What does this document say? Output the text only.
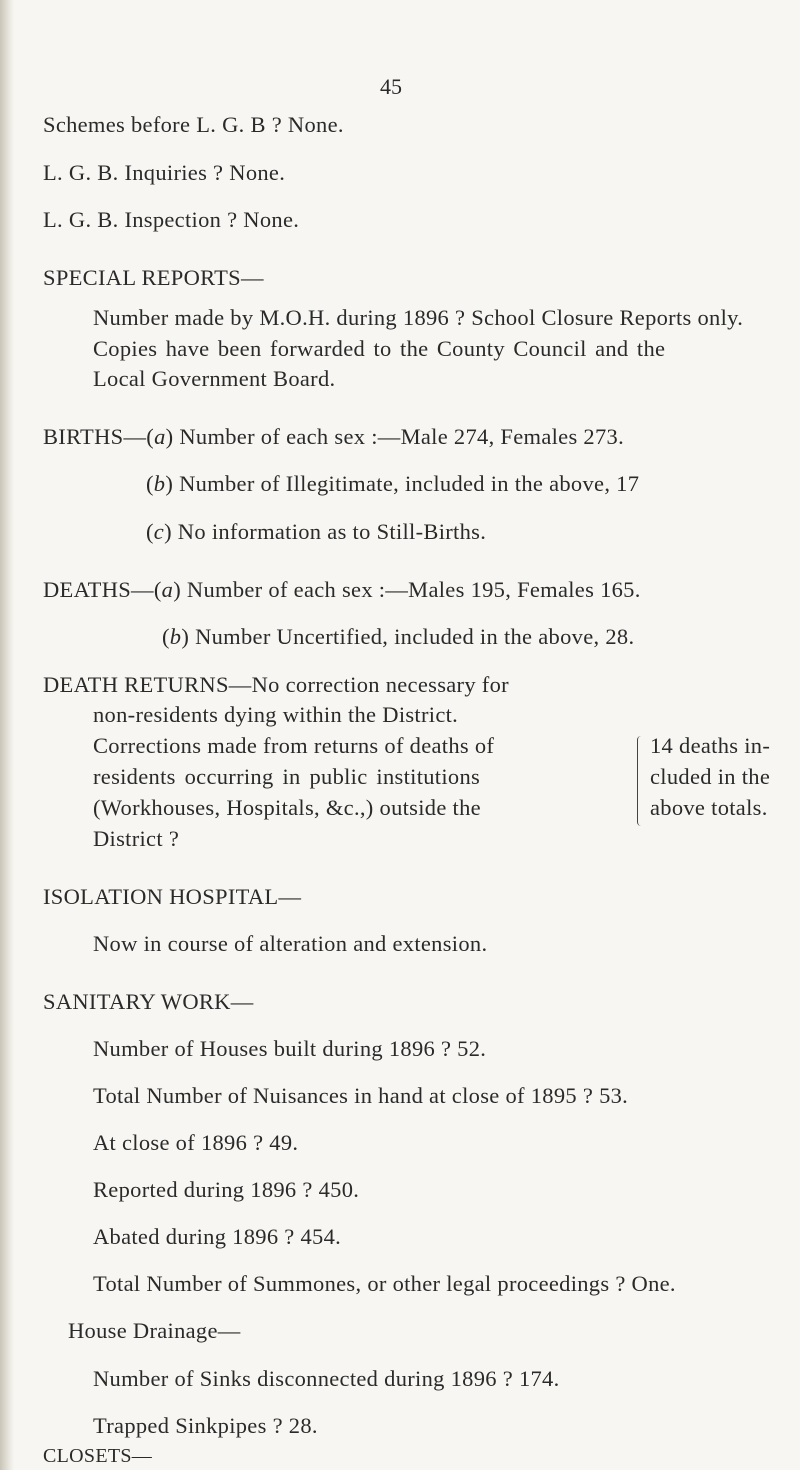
45
Schemes before L. G. B ? None.
L. G. B. Inquiries ? None.
L. G. B. Inspection ? None.
SPECIAL REPORTS—
Number made by M.O.H. during 1896 ? School Closure Reports only.
Copies have been forwarded to the County Council and the
Local Government Board.
BIRTHS—(a) Number of each sex :—Male 274, Females 273.
(b) Number of Illegitimate, included in the above, 17
(c) No information as to Still-Births.
DEATHS—(a) Number of each sex :—Males 195, Females 165.
(b) Number Uncertified, included in the above, 28.
DEATH RETURNS—No correction necessary for
non-residents dying within the District.
Corrections made from returns of deaths of
residents occurring in public institutions
(Workhouses, Hospitals, &c.,) outside the
District ?
14 deaths in-
cluded in the
above totals.
ISOLATION HOSPITAL—
Now in course of alteration and extension.
SANITARY WORK—
Number of Houses built during 1896 ? 52.
Total Number of Nuisances in hand at close of 1895 ? 53.
At close of 1896 ? 49.
Reported during 1896 ? 450.
Abated during 1896 ? 454.
Total Number of Summones, or other legal proceedings ? One.
House Drainage—
Number of Sinks disconnected during 1896 ? 174.
Trapped Sinkpipes ? 28.
CLOSETS—
